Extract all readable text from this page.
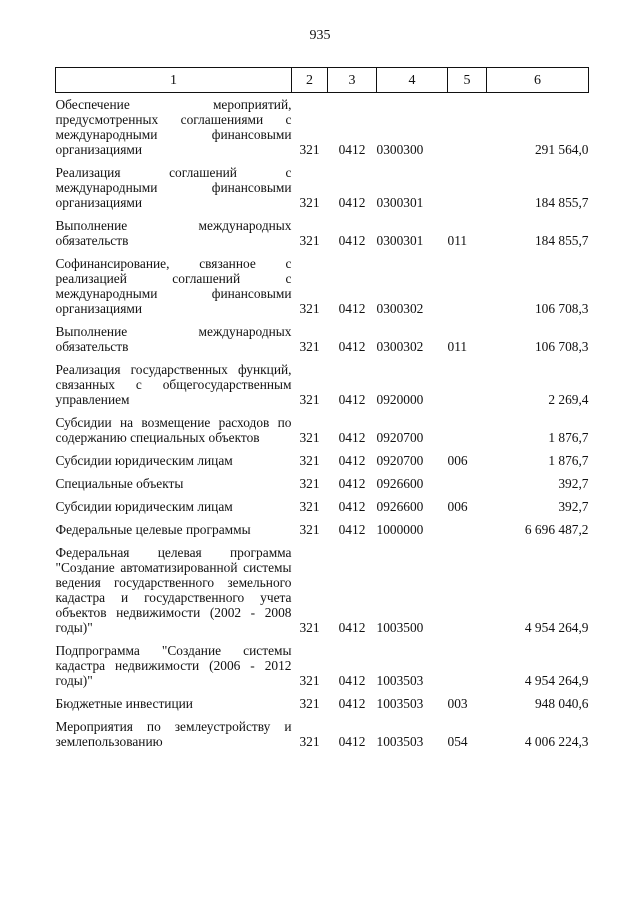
935
1	2	3	4	5	6
Обеспечение мероприятий, предусмотренных соглашениями с международными финансовыми организациями	321	0412	0300300		291 564,0
Реализация соглашений с международными финансовыми организациями	321	0412	0300301		184 855,7
Выполнение международных обязательств	321	0412	0300301	011	184 855,7
Софинансирование, связанное с реализацией соглашений с международными финансовыми организациями	321	0412	0300302		106 708,3
Выполнение международных обязательств	321	0412	0300302	011	106 708,3
Реализация государственных функций, связанных с общегосударственным управлением	321	0412	0920000		2 269,4
Субсидии на возмещение расходов по содержанию специальных объектов	321	0412	0920700		1 876,7
Субсидии юридическим лицам	321	0412	0920700	006	1 876,7
Специальные объекты	321	0412	0926600		392,7
Субсидии юридическим лицам	321	0412	0926600	006	392,7
Федеральные целевые программы	321	0412	1000000		6 696 487,2
Федеральная целевая программа "Создание автоматизированной системы ведения государственного земельного кадастра и государственного учета объектов недвижимости (2002 - 2008 годы)"	321	0412	1003500		4 954 264,9
Подпрограмма "Создание системы кадастра недвижимости (2006 - 2012 годы)"	321	0412	1003503		4 954 264,9
Бюджетные инвестиции	321	0412	1003503	003	948 040,6
Мероприятия по землеустройству и землепользованию	321	0412	1003503	054	4 006 224,3
